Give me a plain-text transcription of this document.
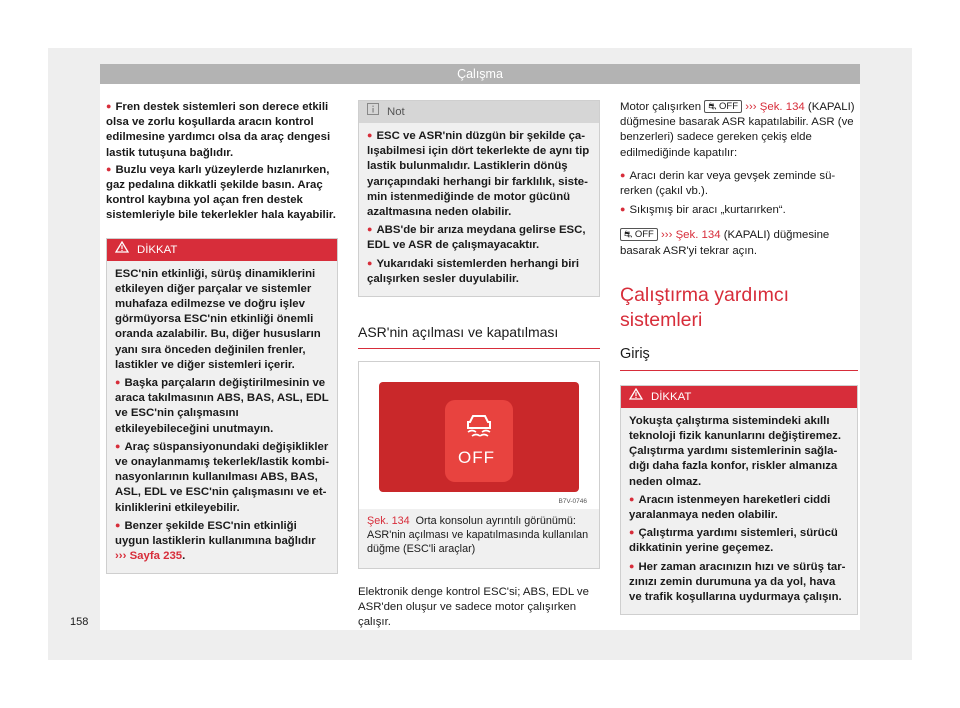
Çalışma

● Fren destek sistemleri son derece etkili olsa ve zorlu koşullarda aracın kontrol edilmesine yardımcı olsa da araç dengesi lastik tutuşuna bağlıdır.

● Buzlu veya karlı yüzeylerde hızlanırken, gaz pedalına dikkatli şekilde basın. Araç kontrol kaybına yol açan fren destek sistemleriyle bile tekerlekler hala kayabilir.

DİKKAT

ESC'nin etkinliği, sürüş dinamiklerini etkileyen diğer parçalar ve sistemler muhafaza edilmezse ve doğru işlev görmüyorsa ESC'nin etkinliği önemli oranda azalabilir. Bu, diğer hususların yanı sıra önceden değinilen frenler, lastikler ve diğer sistemleri içerir.

● Başka parçaların değiştirilmesinin ve araca takılmasının ABS, BAS, ASL, EDL ve ESC'nin çalışmasını etkileyebileceğini unutmayın.

● Araç süspansiyonundaki değişiklikler ve onaylanmamış tekerlek/lastik kombinasyonlarının kullanılması ABS, BAS, ASL, EDL ve ESC'nin çalışmasını ve etkinliklerini etkileyebilir.

● Benzer şekilde ESC'nin etkinliği uygun lastiklerin kullanımına bağlıdır ››› Sayfa 235.

Not

● ESC ve ASR'nin düzgün bir şekilde çalışabilmesi için dört tekerlekte de aynı tip lastik bulunmalıdır. Lastiklerin dönüş yarıçapındaki herhangi bir farklılık, sistemin istenmediğinde de motor gücünü azaltmasına neden olabilir.

● ABS'de bir arıza meydana gelirse ESC, EDL ve ASR de çalışmayacaktır.

● Yukarıdaki sistemlerden herhangi biri çalışırken sesler duyulabilir.

ASR'nin açılması ve kapatılması

OFF
B7V-0746

Şek. 134 Orta konsolun ayrıntılı görünümü: ASR'nin açılması ve kapatılmasında kullanılan düğme (ESC'li araçlar)

Elektronik denge kontrol ESC'si; ABS, EDL ve ASR'den oluşur ve sadece motor çalışırken çalışır.

Motor çalışırken ⛐ OFF ››› Şek. 134 (KAPALI) düğmesine basarak ASR kapatılabilir. ASR (ve benzerleri) sadece gereken çekiş elde edilmediğinde kapatılır:

● Aracı derin kar veya gevşek zeminde sürerken (çakıl vb.).

● Sıkışmış bir aracı „kurtarırken“.

⛐ OFF ››› Şek. 134 (KAPALI) düğmesine basarak ASR'yi tekrar açın.

Çalıştırma yardımcı sistemleri

Giriş

DİKKAT

Yokuşta çalıştırma sistemindeki akıllı teknoloji fizik kanunlarını değiştiremez. Çalıştırma yardımı sistemlerinin sağladığı daha fazla konfor, riskler almanıza neden olmaz.

● Aracın istenmeyen hareketleri ciddi yaralanmaya neden olabilir.

● Çalıştırma yardımı sistemleri, sürücü dikkatinin yerine geçemez.

● Her zaman aracınızın hızı ve sürüş tarzınızı zemin durumuna ya da yol, hava ve trafik koşullarına uydurmaya çalışın.

158
